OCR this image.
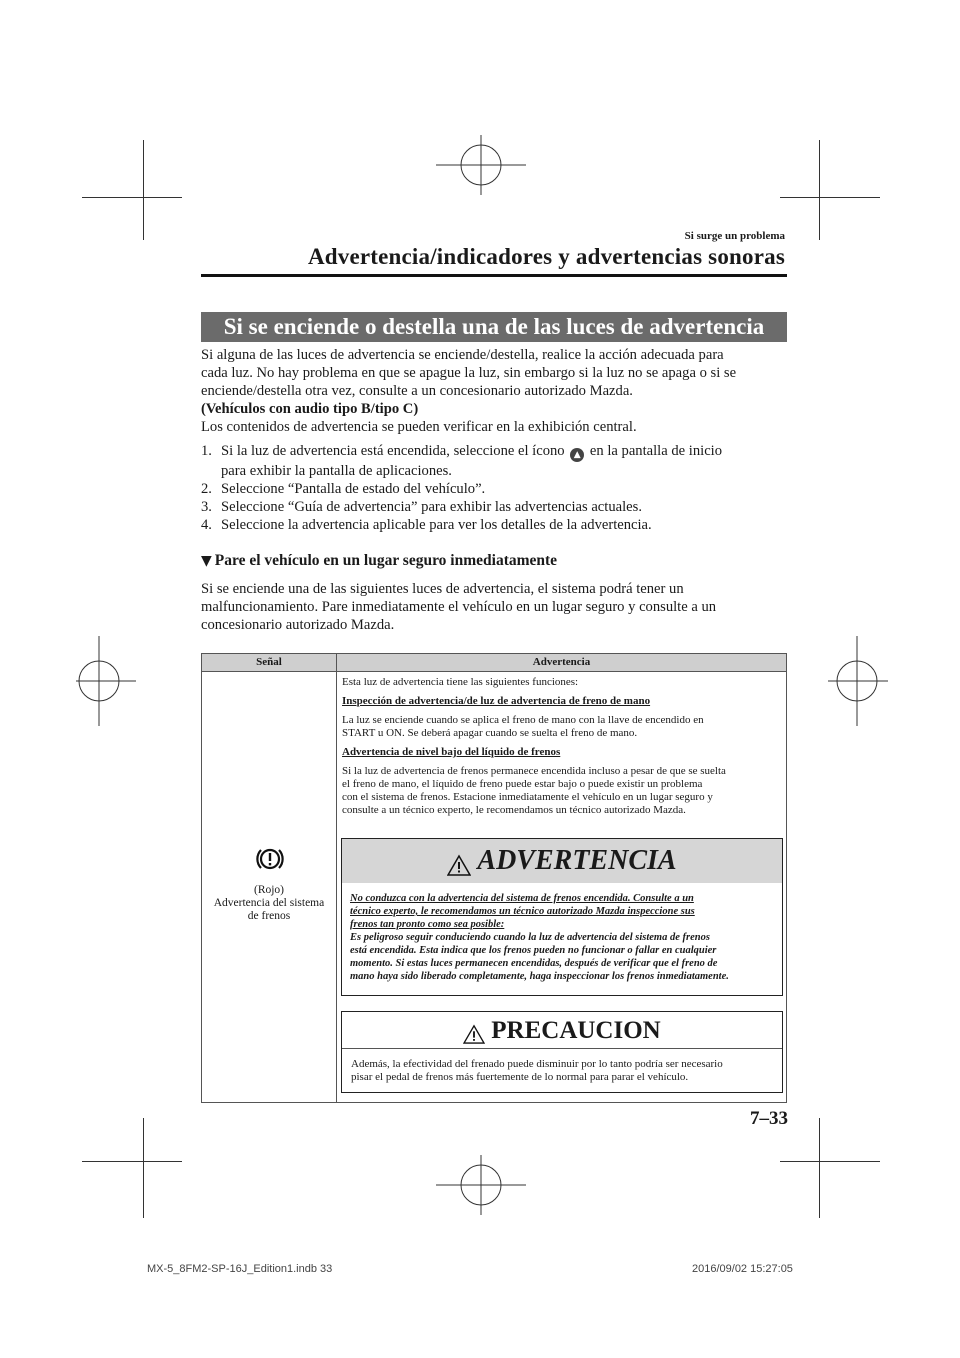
Si surge un problema
Advertencia/indicadores y advertencias sonoras
Si se enciende o destella una de las luces de advertencia

Si alguna de las luces de advertencia se enciende/destella, realice la acción adecuada para

cada luz. No hay problema en que se apague la luz, sin embargo si la luz no se apaga o si se

enciende/destella otra vez, consulte a un concesionario autorizado Mazda.

(Vehículos con audio tipo B/tipo C)

Los contenidos de advertencia se pueden verificar en la exhibición central.

1. Si la luz de advertencia está encendida, seleccione el ícono ▲ en la pantalla de inicio
para exhibir la pantalla de aplicaciones.
2. Seleccione “Pantalla de estado del vehículo”.
3. Seleccione “Guía de advertencia” para exhibir las advertencias actuales.
4. Seleccione la advertencia aplicable para ver los detalles de la advertencia.
▼ Pare el vehículo en un lugar seguro inmediatamente

Si se enciende una de las siguientes luces de advertencia, el sistema podrá tener un

malfuncionamiento. Pare inmediatamente el vehículo en un lugar seguro y consulte a un

concesionario autorizado Mazda.

Señal	Advertencia
(Rojo)
Advertencia del sistema
de frenos

Esta luz de advertencia tiene las siguientes funciones:

Inspección de advertencia/de luz de advertencia de freno de mano

La luz se enciende cuando se aplica el freno de mano con la llave de encendido en
START u ON. Se deberá apagar cuando se suelta el freno de mano.

Advertencia de nivel bajo del líquido de frenos

Si la luz de advertencia de frenos permanece encendida incluso a pesar de que se suelta
el freno de mano, el líquido de freno puede estar bajo o puede existir un problema
con el sistema de frenos. Estacione inmediatamente el vehículo en un lugar seguro y
consulte a un técnico experto, le recomendamos un técnico autorizado Mazda.

ADVERTENCIA
No conduzca con la advertencia del sistema de frenos encendida. Consulte a un
técnico experto, le recomendamos un técnico autorizado Mazda inspeccione sus
frenos tan pronto como sea posible:
Es peligroso seguir conduciendo cuando la luz de advertencia del sistema de frenos
está encendida. Esta indica que los frenos pueden no funcionar o fallar en cualquier
momento. Si estas luces permanecen encendidas, después de verificar que el freno de
mano haya sido liberado completamente, haga inspeccionar los frenos inmediatamente.
PRECAUCION
Además, la efectividad del frenado puede disminuir por lo tanto podría ser necesario
pisar el pedal de frenos más fuertemente de lo normal para parar el vehículo.
7–33
MX-5_8FM2-SP-16J_Edition1.indb 33	2016/09/02 15:27:05
